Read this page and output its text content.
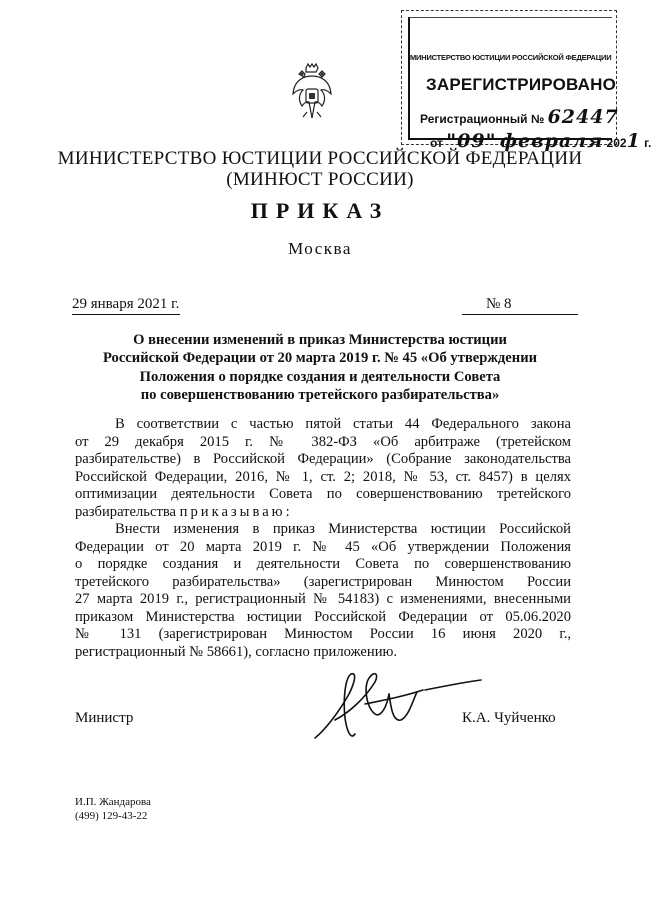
МИНИСТЕРСТВО ЮСТИЦИИ РОССИЙСКОЙ ФЕДЕРАЦИИ
ЗАРЕГИСТРИРОВАНО
Регистрационный № 62447
от "09" февраля 2021 г.
МИНИСТЕРСТВО ЮСТИЦИИ РОССИЙСКОЙ ФЕДЕРАЦИИ
(МИНЮСТ РОССИИ)
ПРИКАЗ
Москва
29 января 2021 г.	№ 8
О внесении изменений в приказ Министерства юстиции
Российской Федерации от 20 марта 2019 г. № 45 «Об утверждении
Положения о порядке создания и деятельности Совета
по совершенствованию третейского разбирательства»
В соответствии с частью пятой статьи 44 Федерального закона
от 29 декабря 2015 г. № 382-ФЗ «Об арбитраже (третейском
разбирательстве) в Российской Федерации» (Собрание законодательства
Российской Федерации, 2016, № 1, ст. 2; 2018, № 53, ст. 8457) в целях
оптимизации деятельности Совета по совершенствованию третейского
разбирательства приказываю:
Внести изменения в приказ Министерства юстиции Российской
Федерации от 20 марта 2019 г. № 45 «Об утверждении Положения
о порядке создания и деятельности Совета по совершенствованию
третейского разбирательства» (зарегистрирован Минюстом России
27 марта 2019 г., регистрационный № 54183) с изменениями, внесенными
приказом Министерства юстиции Российской Федерации от 05.06.2020
№ 131 (зарегистрирован Минюстом России 16 июня 2020 г.,
регистрационный № 58661), согласно приложению.
Министр	К.А. Чуйченко
И.П. Жандарова
(499) 129-43-22
